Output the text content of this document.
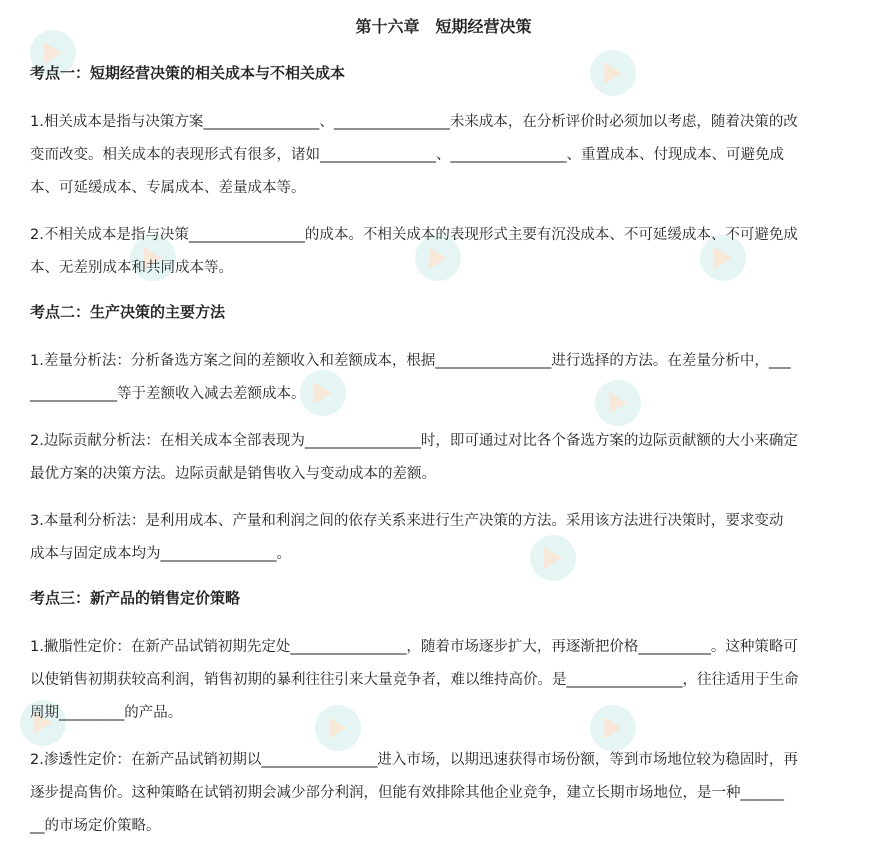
第十六章　短期经营决策
考点一：短期经营决策的相关成本与不相关成本
1.相关成本是指与决策方案________________、________________未来成本，在分析评价时必须加以考虑，随着决策的改
变而改变。相关成本的表现形式有很多，诸如________________、________________、重置成本、付现成本、可避免成
本、可延缓成本、专属成本、差量成本等。
2.不相关成本是指与决策________________的成本。不相关成本的表现形式主要有沉没成本、不可延缓成本、不可避免成
本、无差别成本和共同成本等。
考点二：生产决策的主要方法
1.差量分析法：分析备选方案之间的差额收入和差额成本，根据________________进行选择的方法。在差量分析中，___
____________等于差额收入减去差额成本。
2.边际贡献分析法：在相关成本全部表现为________________时，即可通过对比各个备选方案的边际贡献额的大小来确定
最优方案的决策方法。边际贡献是销售收入与变动成本的差额。
3.本量利分析法：是利用成本、产量和利润之间的依存关系来进行生产决策的方法。采用该方法进行决策时，要求变动
成本与固定成本均为________________。
考点三：新产品的销售定价策略
1.撇脂性定价：在新产品试销初期先定处________________，随着市场逐步扩大，再逐渐把价格__________。这种策略可
以使销售初期获较高利润，销售初期的暴利往往引来大量竞争者，难以维持高价。是________________，往往适用于生命
周期_________的产品。
2.渗透性定价：在新产品试销初期以________________进入市场，以期迅速获得市场份额，等到市场地位较为稳固时，再
逐步提高售价。这种策略在试销初期会减少部分利润，但能有效排除其他企业竞争，建立长期市场地位，是一种______
__的市场定价策略。
